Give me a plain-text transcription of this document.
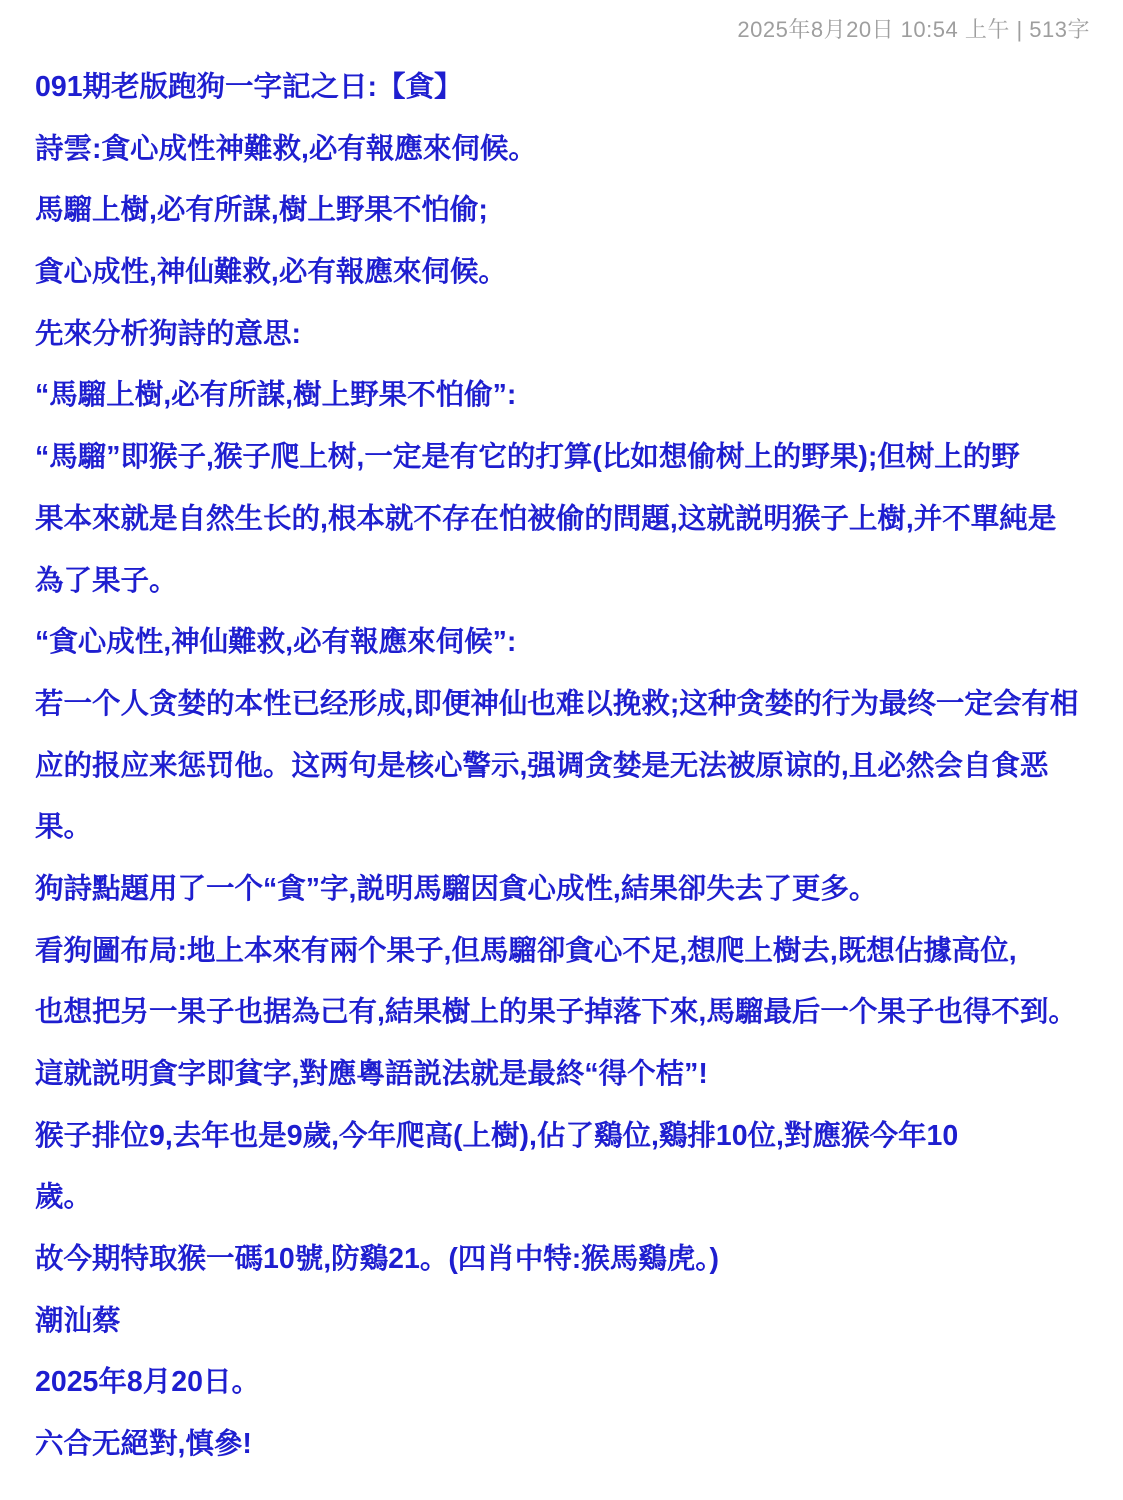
2025年8月20日 10:54 上午 | 513字
091期老版跑狗一字記之日:【貪】
詩雲:貪心成性神難救,必有報應來伺候。
馬騮上樹,必有所謀,樹上野果不怕偷;
貪心成性,神仙難救,必有報應來伺候。
先來分析狗詩的意思:
“馬騮上樹,必有所謀,樹上野果不怕偷”:
“馬騮”即猴子,猴子爬上树,一定是有它的打算(比如想偷树上的野果);但树上的野
果本來就是自然生长的,根本就不存在怕被偷的問題,这就説明猴子上樹,并不單純是
為了果子。
“貪心成性,神仙難救,必有報應來伺候”:
若一个人贪婪的本性已经形成,即便神仙也难以挽救;这种贪婪的行为最终一定会有相
应的报应来惩罚他。这两句是核心警示,强调贪婪是无法被原谅的,且必然会自食恶
果。
狗詩點題用了一个“貪”字,説明馬騮因貪心成性,結果卻失去了更多。
看狗圖布局:地上本來有兩个果子,但馬騮卻貪心不足,想爬上樹去,既想佔據高位,
也想把另一果子也据為己有,結果樹上的果子掉落下來,馬騮最后一个果子也得不到。
這就説明貪字即貧字,對應粵語説法就是最終“得个桔”!
猴子排位9,去年也是9歲,今年爬高(上樹),佔了鷄位,鷄排10位,對應猴今年10
歲。
故今期特取猴一碼10號,防鷄21。(四肖中特:猴馬鷄虎。)
潮汕蔡
2025年8月20日。
六合无絕對,慎參!
